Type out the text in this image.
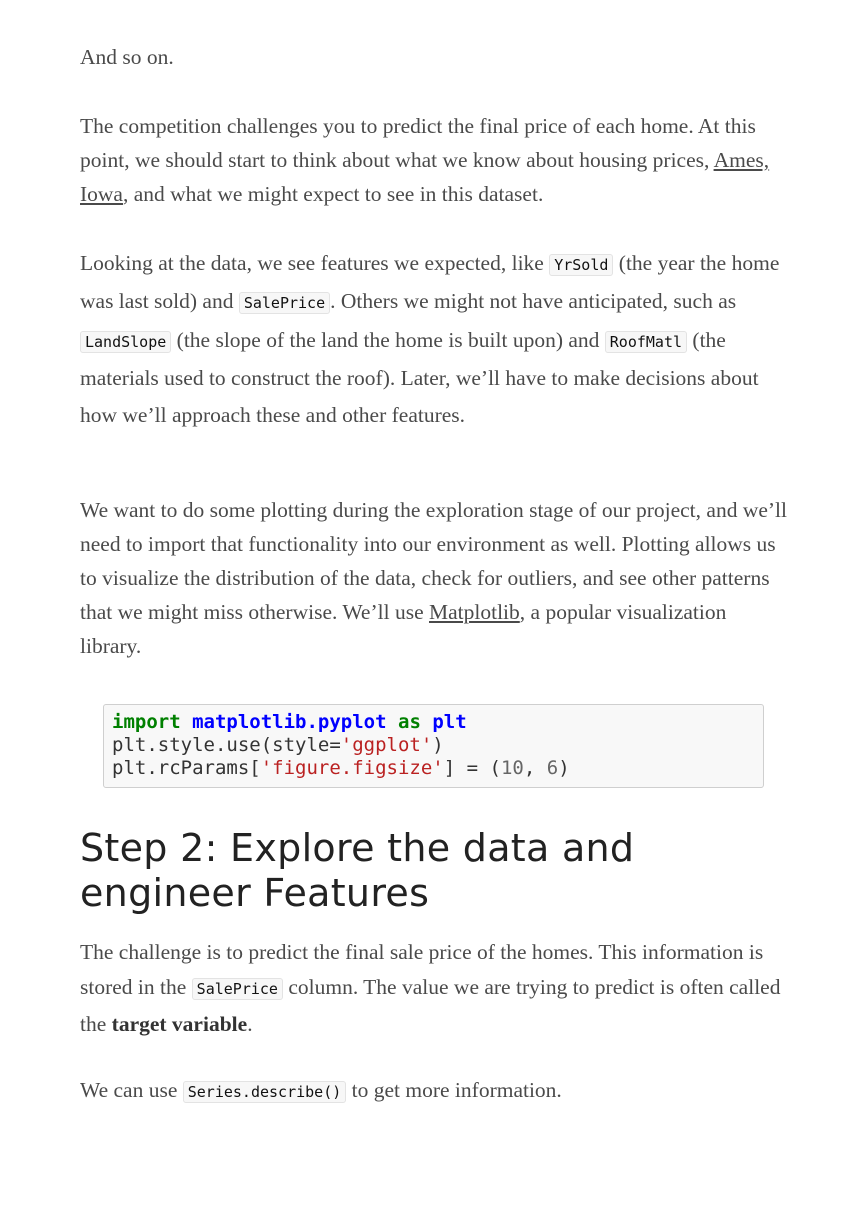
And so on.

The competition challenges you to predict the final price of each home. At this point, we should start to think about what we know about housing prices, Ames, Iowa, and what we might expect to see in this dataset.

Looking at the data, we see features we expected, like YrSold (the year the home was last sold) and SalePrice . Others we might not have anticipated, such as LandSlope (the slope of the land the home is built upon) and RoofMatl (the materials used to construct the roof). Later, we’ll have to make decisions about how we’ll approach these and other features.

We want to do some plotting during the exploration stage of our project, and we’ll need to import that functionality into our environment as well. Plotting allows us to visualize the distribution of the data, check for outliers, and see other patterns that we might miss otherwise. We’ll use Matplotlib, a popular visualization library.

import matplotlib.pyplot as plt
plt.style.use(style='ggplot')
plt.rcParams['figure.figsize'] = (10, 6)
Step 2: Explore the data and engineer Features

The challenge is to predict the final sale price of the homes. This information is stored in the SalePrice column. The value we are trying to predict is often called the target variable.

We can use Series.describe() to get more information.
